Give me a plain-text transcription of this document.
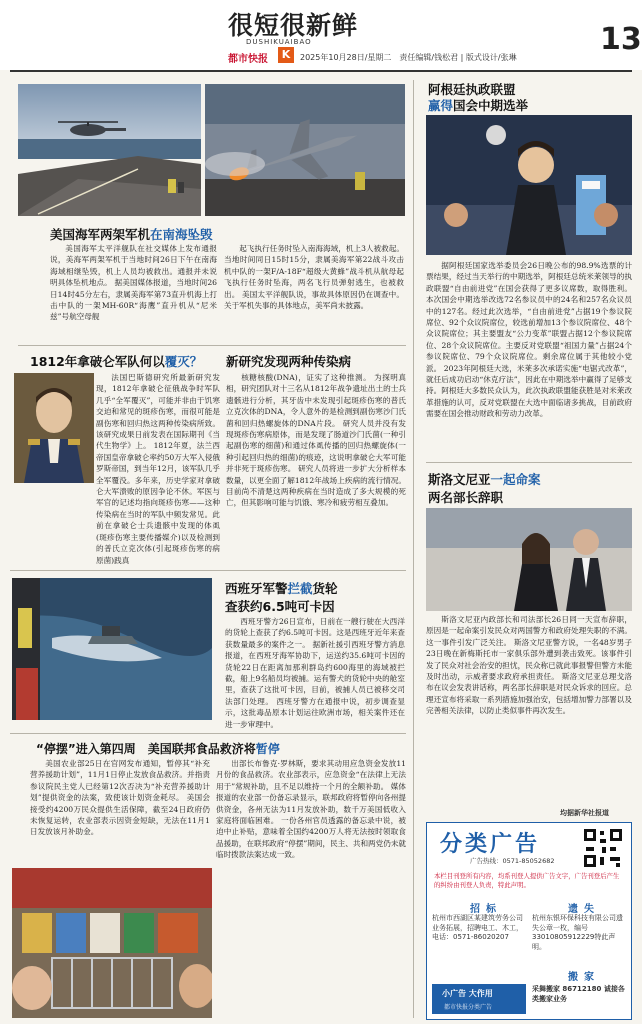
很短很新鲜
DUSHIKUAIBAO
都市快报	K	2025年10月28日/星期二　责任编辑/钱松君 | 版式设计/张琳
13
美国海军两架军机在南海坠毁

美国海军太平洋舰队在社交媒体上发布通报说，美海军两架军机于当地时间26日下午在南海海域相继坠毁，机上人员均被救出。通报并未说明具体坠机地点。 据美国媒体报道，当地时间26日14时45分左右，隶属美海军第73直升机海上打击中队的一架MH-60R“海鹰”直升机从“尼米兹”号航空母舰

起飞执行任务时坠入南海海域，机上3人被救起。 当地时间同日15时15分，隶属美海军第22战斗攻击机中队的一架F/A-18F“超级大黄蜂”战斗机从航母起飞执行任务时坠海，两名飞行员弹射逃生，也被救出。 美国太平洋舰队说，事故具体原因仍在调查中。关于军机失事的具体地点，美军尚未披露。

1812年拿破仑军队何以覆灭？

法国巴斯德研究所最新研究发现，1812年拿破仑征俄战争时军队几乎“全军覆灭”，可能并非由于饥寒交迫和常见的斑疹伤寒，而很可能是副伤寒和回归热这两种传染病所致。该研究成果日前发表在国际期刊《当代生物学》上。 1812年夏，法兰西帝国皇帝拿破仑率约50万大军入侵俄罗斯帝国，到当年12月，该军队几乎全军覆没。多年来，历史学家对拿破仑大军溃败的原因争论不休。军医与军官的记述均指向斑疹伤寒——这种传染病在当时的军队中频发常见。此前在拿破仑士兵遗骸中发现的体虱(斑疹伤寒主要传播媒介)以及检测到的普氏立克次体(引起斑疹伤寒的病原菌)践真

新研究发现两种传染病

核糖核酸(DNA)，证实了这种推测。 为探明真相，研究团队对十三名从1812年战争遗址出土的士兵遗骸进行分析，其牙齿中未发现引起斑疹伤寒的普氏立克次体的DNA，令人意外的是检测到副伤寒沙门氏菌和回归热螺旋体的DNA片段。 研究人员并没有发现斑疹伤寒病原体，而是发现了肠道沙门氏菌(一种引起副伤寒的细菌)和通过体虱传播的回归热螺旋体(一种引起回归热的细菌)的痕迹，这说明拿破仑大军可能并非死于斑疹伤寒。 研究人员将进一步扩大分析样本数量，以更全面了解1812年战场上疾病的流行情况。目前尚不清楚这两种疾病在当时造成了多大规模的死亡，但其影响可能与饥饿、寒冷和疲劳相互叠加。

西班牙军警拦截货轮
查获约6.5吨可卡因

西班牙警方26日宣布，日前在一艘行驶在大西洋的货轮上查获了约6.5吨可卡因。这是西班牙近年来查获数量最多的案件之一。 据新社援引西班牙警方消息报道，在西班牙海军协助下，运送约35.6吨可卡因的货轮22日在距离加那利群岛约600海里的海域被拦截，船上9名船员均被捕。运有警犬的货轮中央的舱室里，查获了这批可卡因，目前，被捕人员已被移交司法部门处理。 西班牙警方在通报中说，初步调查显示，这批毒品原本计划运往欧洲市场，相关案件还在进一步审理中。

“停摆”进入第四周　美国联邦食品救济将暂停

美国农业部25日在官网发布通知，暂停其“补充营养援助计划”，11月1日停止发放食品救济。并指责参议院民主党人已经第12次否决为“补充营养援助计划”提供资金的法案，致使该计划资金耗尽。 美国会接受约4200万民众提供生活保障，截至24日政府仍未恢复运转，农业部表示因资金短缺，无法在11月1日发放该月补助金。

出部长布鲁克·罗林斯，要求其动用应急资金发放11月份的食品救济。农业部表示，应急资金“在法律上无法用于”常规补助，且不足以维持一个月的全额补助。 媒体报道的农业部一份备忘录显示，联邦政府将暂停向各州提供资金，各州无法为11月发放补助，数千万美国低收入家庭将面临困难。 一份各州官员透露的备忘录中说，被迫中止补贴，意味着全国约4200万人将无法按时领取食品援助，在联邦政府“停摆”期间，民主、共和两党仍未就临时拨款法案达成一致。

阿根廷执政联盟
赢得国会中期选举

据阿根廷国家选举委员会26日晚公布的98.9%选票的计票结果，经过当天举行的中期选举，阿根廷总统米莱领导的执政联盟“自由前进党”在国会获得了更多议席数，取得胜利。 本次国会中期选举改选72名参议员中的24名和257名众议员中的127名。经过此次选举，“自由前进党”占据19个参议院席位、92个众议院席位，较选前增加13个参议院席位、48个众议院席位；其主要盟友“公力变革”联盟占据12个参议院席位、28个众议院席位。主要反对党联盟“祖国力量”占据24个参议院席位、79个众议院席位。剩余席位属于其他较小党派。 2023年阿根廷大选，米莱多次承诺实施“电锯式改革”，就任后成功启动“休克疗法”，因此在中期选举中赢得了足够支持。阿根廷大多数民众认为，此次执政联盟能获胜是对米莱改革措施的认可，反对党联盟在大选中面临诸多挑战，目前政府需要在国会推动财政和劳动力改革。

斯洛文尼亚一起命案
两名部长辞职

斯洛文尼亚内政部长和司法部长26日同一天宣布辞职，原因是一起命案引发民众对两国警方和政府处理失职的不满。这一事件引发广泛关注。 斯洛文尼亚警方说，一名48岁男子23日晚在新梅斯托市一家俱乐部外遭到袭击致死。该事件引发了民众对社会治安的担忧，民众称已就此事报警但警方未能及时出动，示威者要求政府承担责任。 斯洛文尼亚总理戈洛布在议会发表讲话称，两名部长辞职是对民众诉求的回应。总理还宣布将采取一系列措施加强治安，包括增加警力部署以及完善相关法律，以防止类似事件再次发生。

均据新华社报道
分类广告
广告热线：0571-85052682
本栏目刊登所有内容，均系刊登人提供广告文字，广告刊登后产生的纠纷由刊登人负责，特此声明。
招标
杭州市西湖区某建筑劳务公司业务拓展，招聘电工、木工，电话：0571-86020207
遗失
杭州东银环保科技有限公司遗失公章一枚，编号33010805912229特此声明。
搬家
小广告 大作用
都市快报分类广告
采舞搬家 86712180 诚接各类搬家业务
